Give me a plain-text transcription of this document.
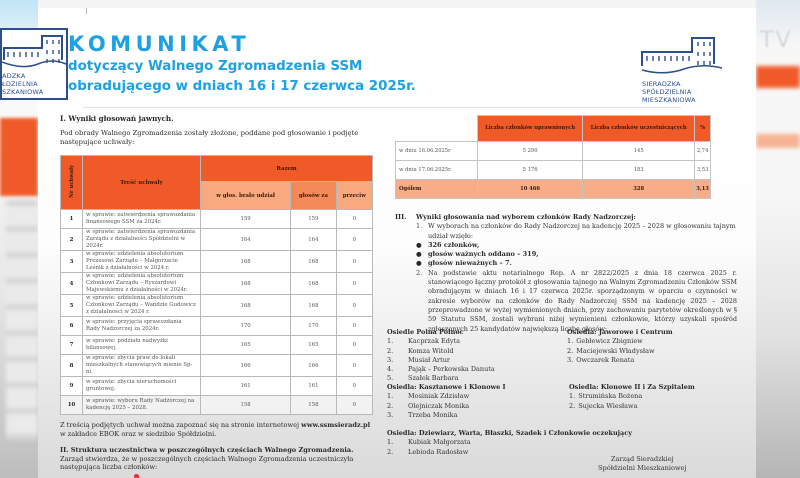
TV
ADZKA
ŁDZIELNIA
SZKANIOWA
KOMUNIKAT
dotyczący Walnego Zgromadzenia SSM
obradującego w dniach 16 i 17 czerwca 2025r.	SIERADZKA
SPÓŁDZIELNIA
MIESZKANIOWA
I. Wyniki głosowań jawnych.
Pod obrady Walnego Zgromadzenia zostały złożone, poddane pod głosowanie i podjęte następujące uchwały:
Nr uchwały	Treść uchwały	Razem		
		w głos. brało udział	głosów za	przeciw
1	w sprawie: zatwierdzenia sprawozdania finansowego SSM za 2024r.	159	159	0
2	w sprawie: zatwierdzenia sprawozdania Zarządu z działalności Spółdzielni w 2024r.	164	164	0
3	w sprawie: udzielenia absolutorium Prezesowi Zarządu – Małgorzacie Leśnik z działalności w 2024 r.	168	168	0
4	w sprawie: udzielenia absolutorium Członkowi Zarządu – Ryszardowi Majewskiemu z działalności w 2024r.	168	168	0
5	w sprawie: udzielenia absolutorium Członkowi Zarządu – Wandzie Gudowicz z działalności w 2024 r.	168	168	0
6	w sprawie: przyjęcia sprawozdania Rady Nadzorczej za 2024r.	170	170	0
7	w sprawie: podziału nadwyżki bilansowej.	165	165	0
8	w sprawie: zbycia praw do lokali mieszkalnych stanowiących mienie Sp-ni.	166	166	0
9	w sprawie: zbycia nieruchomości gruntowej.	161	161	0
10	w sprawie: wyboru Rady Nadzorczej na kadencję 2025 – 2028.	158	158	0
Z treścią podjętych uchwał można zapoznać się na stronie internetowej www.ssmsieradz.pl w zakładce EBOK oraz w siedzibie Spółdzielni.
II. Struktura uczestnictwa w poszczególnych częściach Walnego Zgromadzenia.
Zarząd stwierdza, że w poszczególnych częściach Walnego Zgromadzenia uczestniczyła następująca liczba członków:
	Liczba członków uprawnionych	Liczba członków uczestniczących	%
w dniu 16.06.2025r	5 290	145	2,74
w dniu 17.06.2025r.	5 176	183	3,53
Ogółem	10 466	328	3,13
III.	Wyniki głosowania nad wyborem członków Rady Nadzorczej:
1. W wyborach na członków do Rady Nadzorczej na kadencję 2025 – 2028 w głosowaniu tajnym udział wzięło:
● 326 członków,
● głosów ważnych oddano – 319,
● głosów nieważnych – 7.
2. Na podstawie aktu notarialnego Rep. A nr 2822/2025 z dnia 18 czerwca 2025 r. stanowiącego łączny protokół z głosowania tajnego na Walnym Zgromadzeniu Członków SSM obradującym w dniach 16 i 17 czerwca 2025r. sporządzonym w oparciu o czynności w zakresie wyborów na członków do Rady Nadzorczej SSM na kadencję 2025 – 2028 przeprowadzone w wyżej wymienionych dniach, przy zachowaniu parytetów określonych w § 59 Statutu SSM, zostali wybrani niżej wymienieni członkowie, którzy uzyskali spośród zgłoszonych 25 kandydatów największą liczbę głosów:
Osiedle Polna Północ
1.	Kacprzak Edyta
2.	Komza Witold
3.	Musiał Artur
4.	Pająk – Perkowska Danuta
5.	Szałek Barbara
Osiedla: Jaworowe i Centrum
1. Gebłewicz Zbigniew
2. Maciejewski Władysław
3. Owczarek Renata
Osiedla: Kasztanowe i Klonowe I
1.	Mosiniak Zdzisław
2.	Olejniczak Monika
3.	Trzeba Monika
Osiedla: Klonowe II i Za Szpitalem
1. Strumińska Bożena
2. Sujecka Wiesława
Osiedla: Dziewiarz, Warta, Błaszki, Szadek i Członkowie oczekujący
1.	Kubiak Małgorzata
2.	Lebioda Radosław
Zarząd Sieradzkiej
Spółdzielni Mieszkaniowej
